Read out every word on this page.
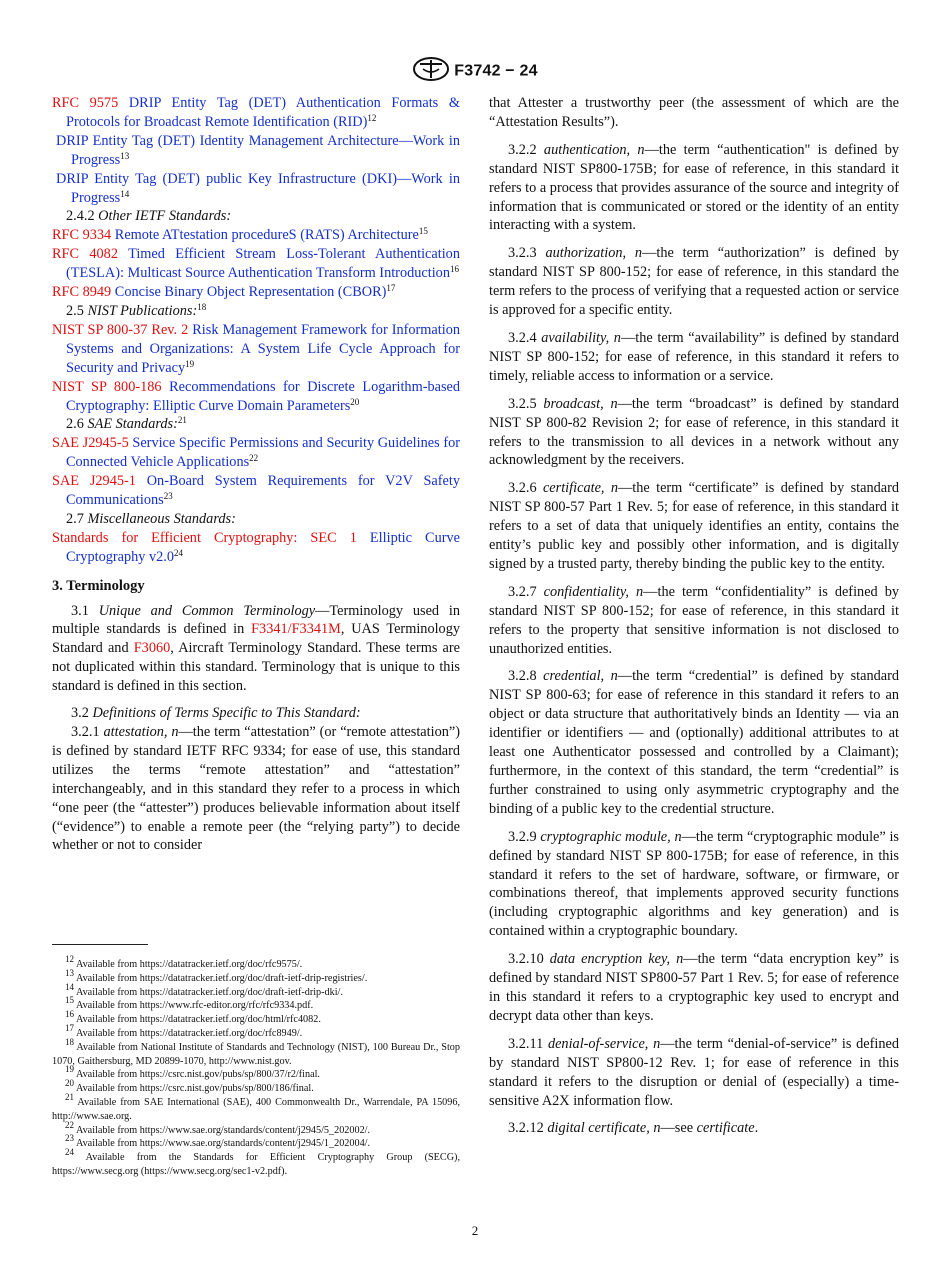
F3742 − 24
RFC 9575 DRIP Entity Tag (DET) Authentication Formats & Protocols for Broadcast Remote Identification (RID)$^{12}$
DRIP Entity Tag (DET) Identity Management Architecture—Work in Progress$^{13}$
DRIP Entity Tag (DET) public Key Infrastructure (DKI)—Work in Progress$^{14}$
2.4.2 Other IETF Standards:
RFC 9334 Remote ATtestation procedureS (RATS) Architecture$^{15}$
RFC 4082 Timed Efficient Stream Loss-Tolerant Authentication (TESLA): Multicast Source Authentication Transform Introduction$^{16}$
RFC 8949 Concise Binary Object Representation (CBOR)$^{17}$
2.5 NIST Publications:$^{18}$
NIST SP 800-37 Rev. 2 Risk Management Framework for Information Systems and Organizations: A System Life Cycle Approach for Security and Privacy$^{19}$
NIST SP 800-186 Recommendations for Discrete Logarithm-based Cryptography: Elliptic Curve Domain Parameters$^{20}$
2.6 SAE Standards:$^{21}$
SAE J2945-5 Service Specific Permissions and Security Guidelines for Connected Vehicle Applications$^{22}$
SAE J2945-1 On-Board System Requirements for V2V Safety Communications$^{23}$
2.7 Miscellaneous Standards:
Standards for Efficient Cryptography: SEC 1 Elliptic Curve Cryptography $v2.0^{24}$
3. Terminology

3.1 Unique and Common Terminology—Terminology used in multiple standards is defined in F3341/F3341M, UAS Terminology Standard and F3060, Aircraft Terminology Standard. These terms are not duplicated within this standard. Terminology that is unique to this standard is defined in this section.

3.2 Definitions of Terms Specific to This Standard:

3.2.1 attestation, n—the term “attestation” (or “remote attestation”) is defined by standard IETF RFC 9334; for ease of use, this standard utilizes the terms “remote attestation” and “attestation” interchangeably, and in this standard they refer to a process in which “one peer (the “attester”) produces believable information about itself (“evidence”) to enable a remote peer (the “relying party”) to decide whether or not to consider

$^{12}$ Available from https://datatracker.ietf.org/doc/rfc9575/.
$^{13}$ Available from https://datatracker.ietf.org/doc/draft-ietf-drip-registries/.
$^{14}$ Available from https://datatracker.ietf.org/doc/draft-ietf-drip-dki/.
$^{15}$ Available from https://www.rfc-editor.org/rfc/rfc9334.pdf.
$^{16}$ Available from https://datatracker.ietf.org/doc/html/rfc4082.
$^{17}$ Available from https://datatracker.ietf.org/doc/rfc8949/.
$^{18}$ Available from National Institute of Standards and Technology (NIST), 100 Bureau Dr., Stop 1070, Gaithersburg, MD 20899-1070, http://www.nist.gov.
$^{19}$ Available from https://csrc.nist.gov/pubs/sp/800/37/r2/final.
$^{20}$ Available from https://csrc.nist.gov/pubs/sp/800/186/final.
$^{21}$ Available from SAE International (SAE), 400 Commonwealth Dr., Warrendale, PA 15096, http://www.sae.org.
$^{22}$ Available from https://www.sae.org/standards/content/j2945/5_202002/.
$^{23}$ Available from https://www.sae.org/standards/content/j2945/1_202004/.
$^{24}$ Available from the Standards for Efficient Cryptography Group (SECG), https://www.secg.org (https://www.secg.org/sec1-v2.pdf).

that Attester a trustworthy peer (the assessment of which are the “Attestation Results”).

3.2.2 authentication, n—the term “authentication" is defined by standard NIST SP800-175B; for ease of reference, in this standard it refers to a process that provides assurance of the source and integrity of information that is communicated or stored or the identity of an entity interacting with a system.

3.2.3 authorization, n—the term “authorization” is defined by standard NIST SP 800-152; for ease of reference, in this standard the term refers to the process of verifying that a requested action or service is approved for a specific entity.

3.2.4 availability, n—the term “availability” is defined by standard NIST SP 800-152; for ease of reference, in this standard it refers to timely, reliable access to information or a service.

3.2.5 broadcast, n—the term “broadcast” is defined by standard NIST SP 800-82 Revision 2; for ease of reference, in this standard it refers to the transmission to all devices in a network without any acknowledgment by the receivers.

3.2.6 certificate, n—the term “certificate” is defined by standard NIST SP 800-57 Part 1 Rev. 5; for ease of reference, in this standard it refers to a set of data that uniquely identifies an entity, contains the entity’s public key and possibly other information, and is digitally signed by a trusted party, thereby binding the public key to the entity.

3.2.7 confidentiality, n—the term “confidentiality” is defined by standard NIST SP 800-152; for ease of reference, in this standard it refers to the property that sensitive information is not disclosed to unauthorized entities.

3.2.8 credential, n—the term “credential” is defined by standard NIST SP 800-63; for ease of reference in this standard it refers to an object or data structure that authoritatively binds an Identity — via an identifier or identifiers — and (optionally) additional attributes to at least one Authenticator possessed and controlled by a Claimant); furthermore, in the context of this standard, the term “credential” is further constrained to using only asymmetric cryptography and the binding of a public key to the credential structure.

3.2.9 cryptographic module, n—the term “cryptographic module” is defined by standard NIST SP 800-175B; for ease of reference, in this standard it refers to the set of hardware, software, or firmware, or combinations thereof, that implements approved security functions (including cryptographic algorithms and key generation) and is contained within a cryptographic boundary.

3.2.10 data encryption key, n—the term “data encryption key” is defined by standard NIST SP800-57 Part 1 Rev. 5; for ease of reference in this standard it refers to a cryptographic key used to encrypt and decrypt data other than keys.

3.2.11 denial-of-service, n—the term “denial-of-service” is defined by standard NIST SP800-12 Rev. 1; for ease of reference in this standard it refers to the disruption or denial of (especially) a time-sensitive A2X information flow.

3.2.12 digital certificate, n—see certificate.

2
